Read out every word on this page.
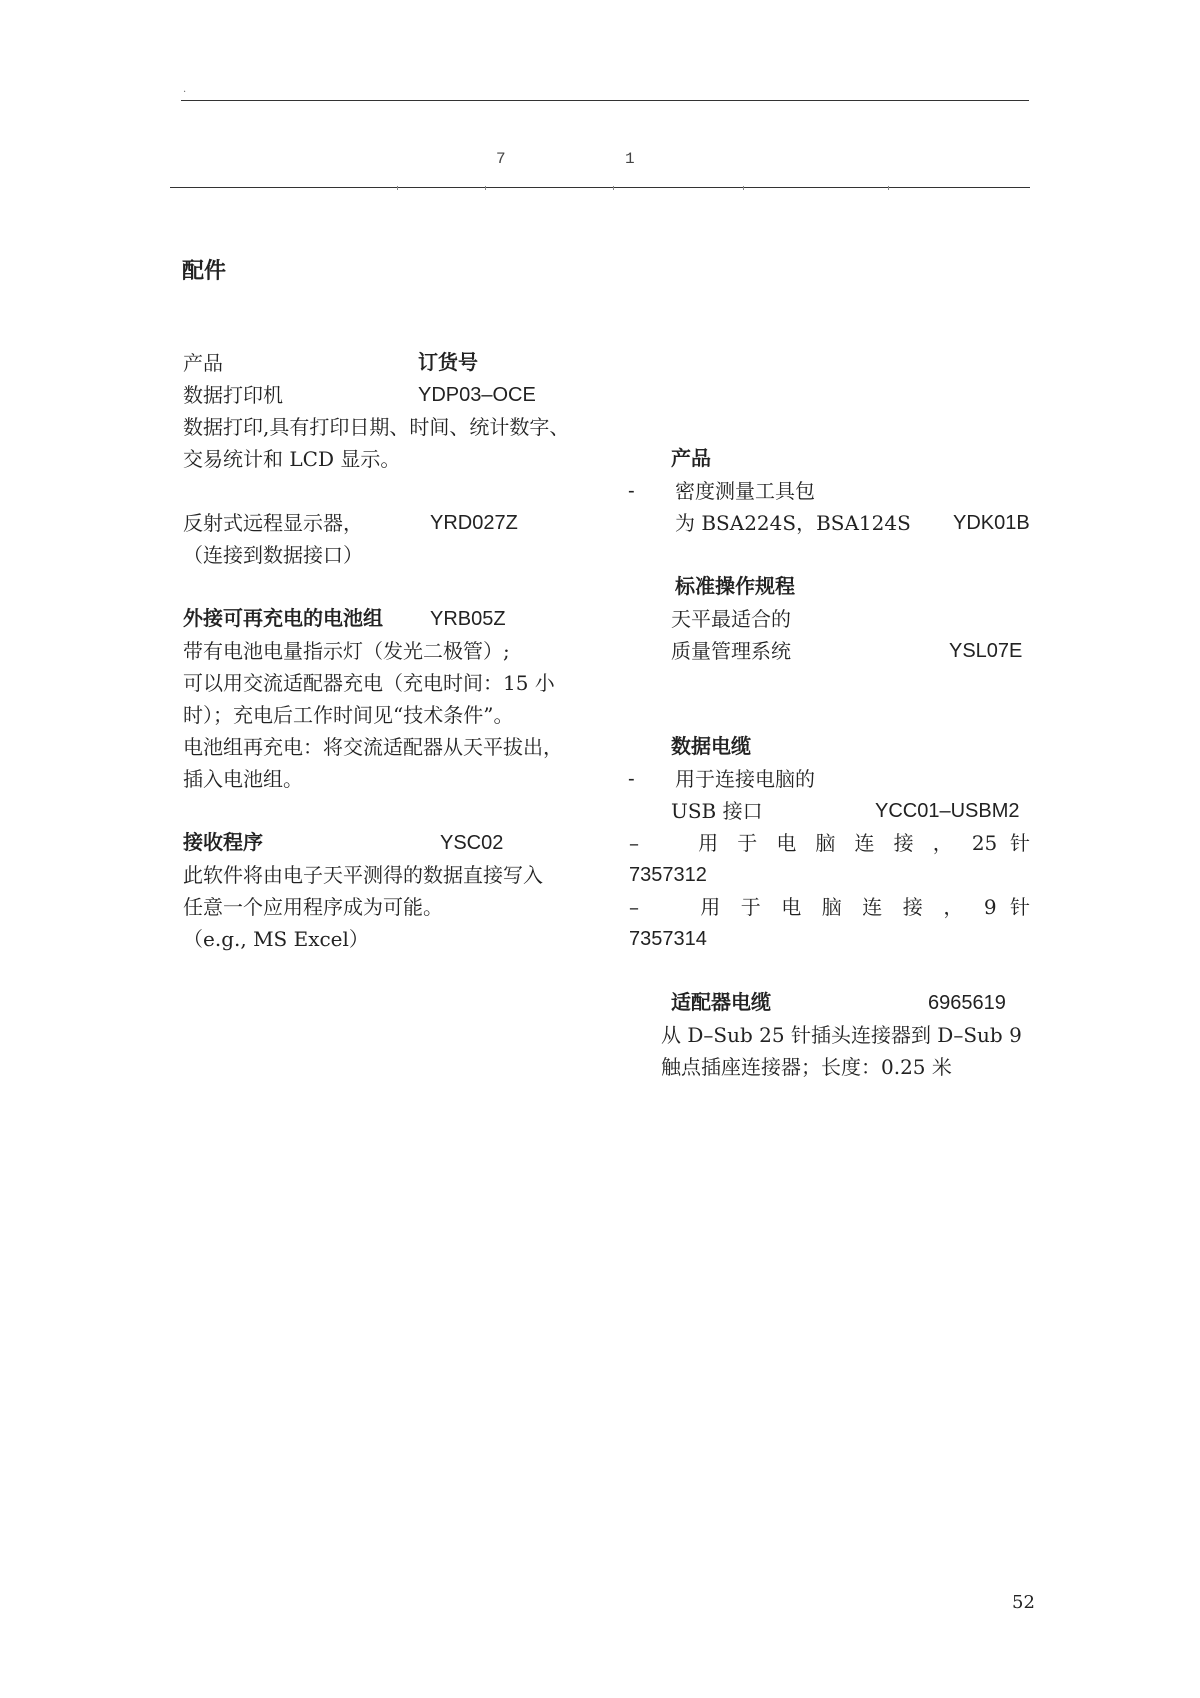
.
7	1
配件
产品	订货号
数据打印机	YDP03–OCE
数据打印,具有打印日期、时间、统计数字、
交易统计和 LCD 显示。
反射式远程显示器，	YRD027Z
（连接到数据接口）
外接可再充电的电池组 YRB05Z
带有电池电量指示灯（发光二极管）;
可以用交流适配器充电（充电时间：15 小
时）；充电后工作时间见“技术条件”。
电池组再充电：将交流适配器从天平拔出，
插入电池组。
接收程序	YSC02
此软件将由电子天平测得的数据直接写入
任意一个应用程序成为可能。
（e.g., MS Excel）
产品
- 密度测量工具包
为 BSA224S，BSA124S YDK01B
标准操作规程
天平最适合的
质量管理系统	YSL07E
数据电缆
- 用于连接电脑的
USB 接口	YCC01–USBM2
–　　用 于 电 脑 连 接 ， 25 针
7357312
–　　用 于 电 脑 连 接 ， 9 针
7357314
适配器电缆	6965619
从 D–Sub 25 针插头连接器到 D–Sub 9
触点插座连接器；长度：0.25 米
52
